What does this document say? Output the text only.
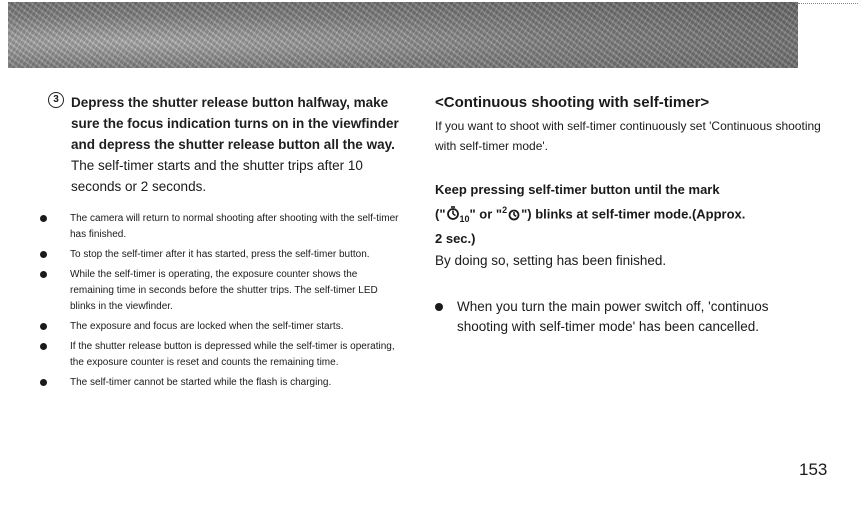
3 Depress the shutter release button halfway, make sure the focus indication turns on in the viewfinder and depress the shutter release button all the way.
The self-timer starts and the shutter trips after 10 seconds or 2 seconds.
The camera will return to normal shooting after shooting with the self-timer has finished.
To stop the self-timer after it has started, press the self-timer button.
While the self-timer is operating, the exposure counter shows the remaining time in seconds before the shutter trips. The self-timer LED blinks in the viewfinder.
The exposure and focus are locked when the self-timer starts.
If the shutter release button is depressed while the self-timer is operating, the exposure counter is reset and counts the remaining time.
The self-timer cannot be started while the flash is charging.
<Continuous shooting with self-timer>
If you want to shoot with self-timer continuously set 'Continuous shooting with self-timer mode'.
Keep pressing self-timer button until the mark
(" $_{10}$" or "$^2$ ") blinks at self-timer mode.(Approx.
2 sec.)
By doing so, setting has been finished.
When you turn the main power switch off, 'continuos shooting with self-timer mode' has been cancelled.
153
